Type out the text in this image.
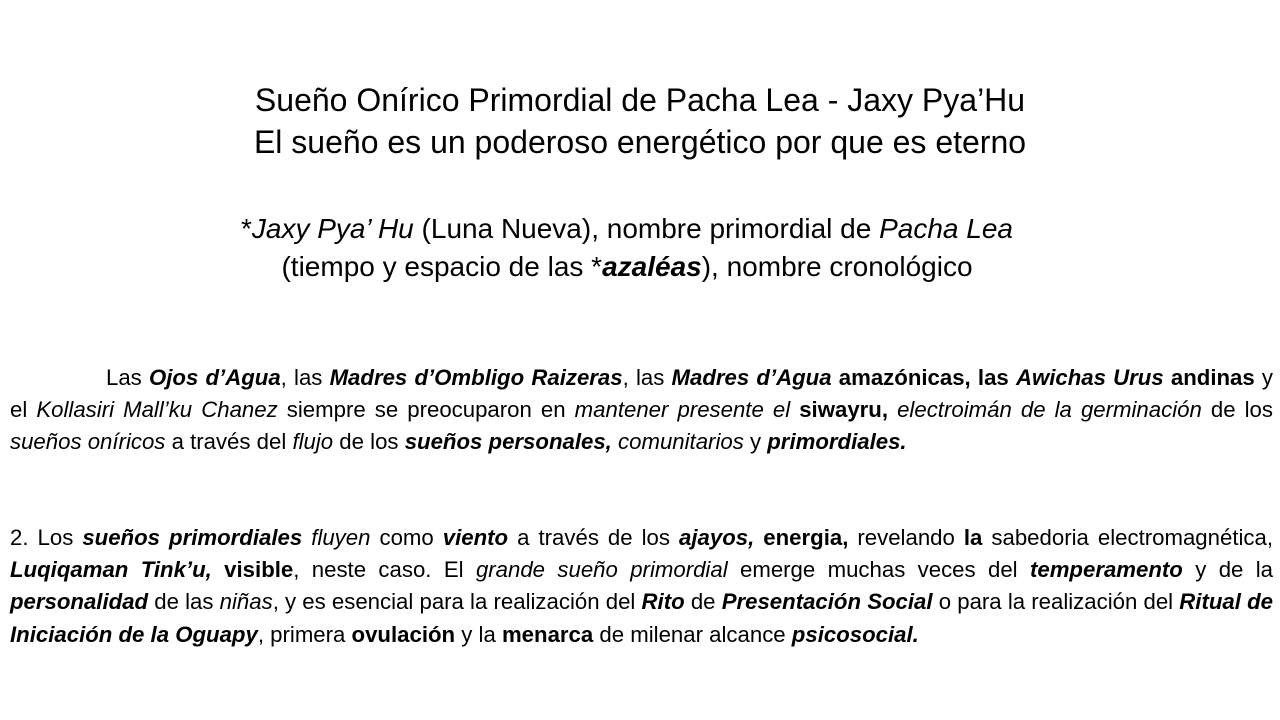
Sueño Onírico Primordial de Pacha Lea - Jaxy Pya’Hu
El sueño es un poderoso energético por que es eterno
*Jaxy Pya’ Hu (Luna Nueva), nombre primordial de Pacha Lea
(tiempo y espacio de las *azaléas), nombre cronológico
Las Ojos d’Agua, las Madres d’Ombligo Raizeras, las Madres d’Agua amazónicas, las Awichas Urus andinas y el Kollasiri Mall’ku Chanez siempre se preocuparon en mantener presente el siwayru, electroimán de la germinación de los sueños oníricos a través del flujo de los sueños personales, comunitarios y primordiales.
2. Los sueños primordiales fluyen como viento a través de los ajayos, energia, revelando la sabedoria electromagnética, Luqiqaman Tink’u, visible, neste caso. El grande sueño primordial emerge muchas veces del temperamento y de la personalidad de las niñas, y es esencial para la realización del Rito de Presentación Social o para la realización del Ritual de Iniciación de la Oguapy, primera ovulación y la menarca de milenar alcance psicosocial.
